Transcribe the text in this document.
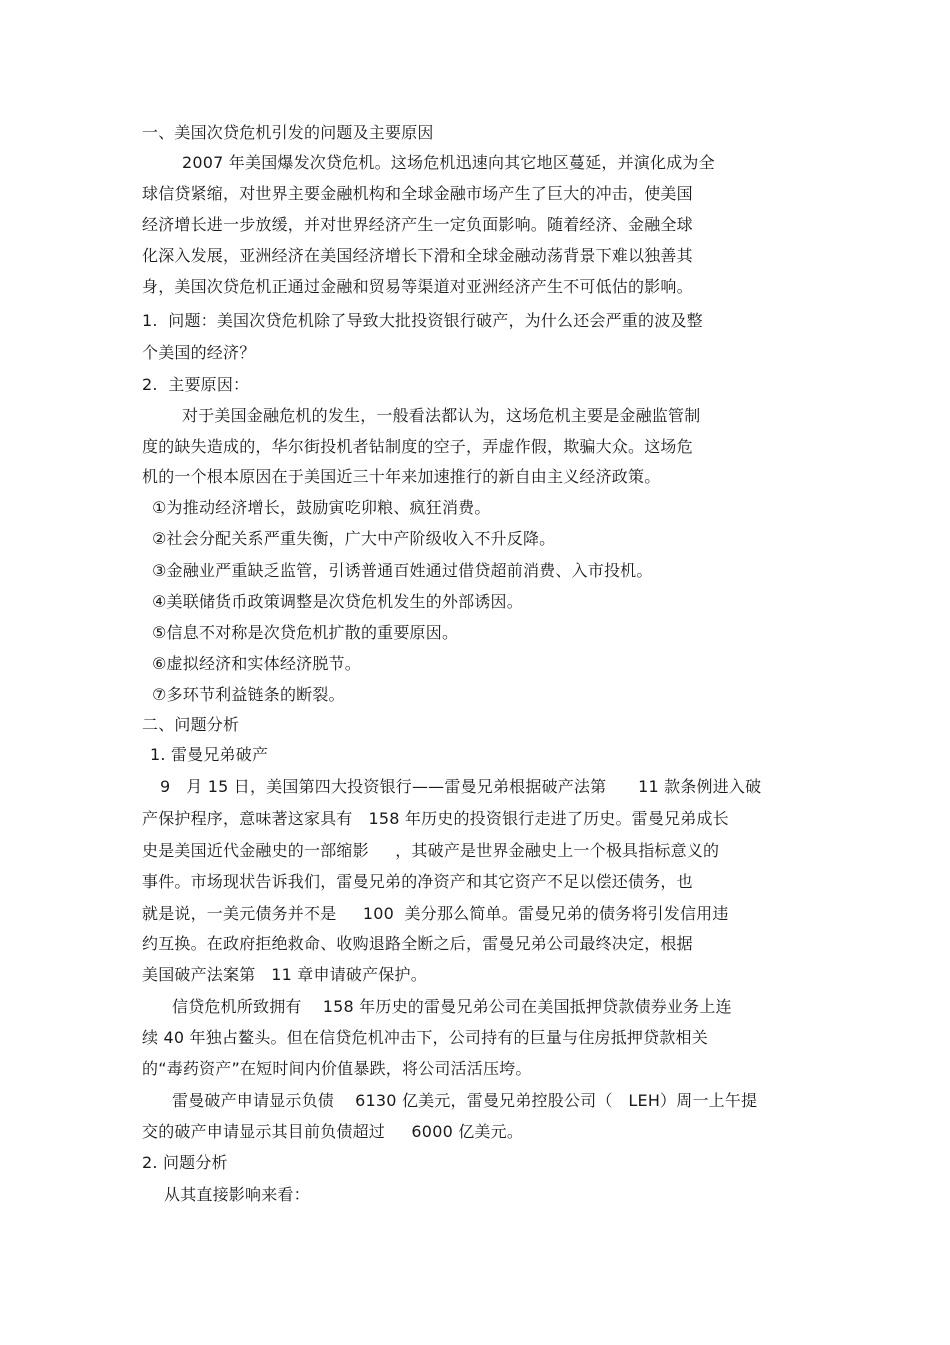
一、美国次贷危机引发的问题及主要原因
2007 年美国爆发次贷危机。这场危机迅速向其它地区蔓延，并演化成为全
球信贷紧缩，对世界主要金融机构和全球金融市场产生了巨大的冲击，使美国
经济增长进一步放缓，并对世界经济产生一定负面影响。随着经济、金融全球
化深入发展，亚洲经济在美国经济增长下滑和全球金融动荡背景下难以独善其
身，美国次贷危机正通过金融和贸易等渠道对亚洲经济产生不可低估的影响。
1.  问题：美国次贷危机除了导致大批投资银行破产，为什么还会严重的波及整
个美国的经济？
2.  主要原因：
对于美国金融危机的发生，一般看法都认为，这场危机主要是金融监管制
度的缺失造成的，华尔街投机者钻制度的空子，弄虚作假，欺骗大众。这场危
机的一个根本原因在于美国近三十年来加速推行的新自由主义经济政策。
①为推动经济增长，鼓励寅吃卯粮、疯狂消费。
②社会分配关系严重失衡，广大中产阶级收入不升反降。
③金融业严重缺乏监管，引诱普通百姓通过借贷超前消费、入市投机。
④美联储货币政策调整是次贷危机发生的外部诱因。
⑤信息不对称是次贷危机扩散的重要原因。
⑥虚拟经济和实体经济脱节。
⑦多环节利益链条的断裂。
二、问题分析
1. 雷曼兄弟破产
9   月 15 日，美国第四大投资银行——雷曼兄弟根据破产法第      11 款条例进入破
产保护程序，意味著这家具有   158 年历史的投资银行走进了历史。雷曼兄弟成长
史是美国近代金融史的一部缩影     ，其破产是世界金融史上一个极具指标意义的
事件。市场现状告诉我们，雷曼兄弟的净资产和其它资产不足以偿还债务，也
就是说，一美元债务并不是     100  美分那么简单。雷曼兄弟的债务将引发信用违
约互换。在政府拒绝救命、收购退路全断之后，雷曼兄弟公司最终决定，根据
美国破产法案第   11 章申请破产保护。
信贷危机所致拥有    158 年历史的雷曼兄弟公司在美国抵押贷款债券业务上连
续 40 年独占鳌头。但在信贷危机冲击下，公司持有的巨量与住房抵押贷款相关
的“毒药资产”在短时间内价值暴跌，将公司活活压垮。
雷曼破产申请显示负债    6130 亿美元，雷曼兄弟控股公司（   LEH）周一上午提
交的破产申请显示其目前负债超过     6000 亿美元。
2. 问题分析
从其直接影响来看：
